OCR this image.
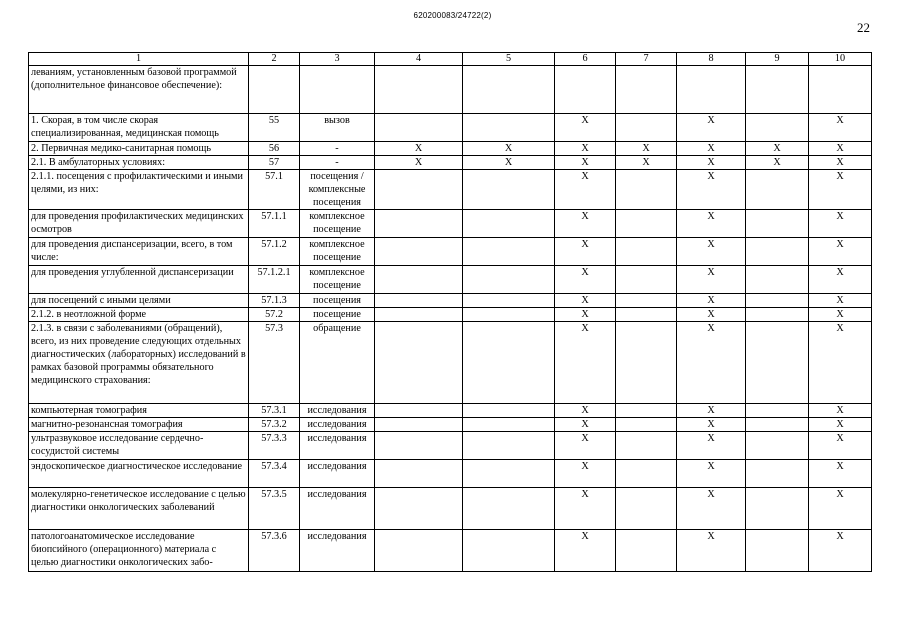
620200083/24722(2)
22
1	2	3	4	5	6	7	8	9	10
леваниям, установленным базовой программой (дополнительное финансовое обеспечение):									
1. Скорая, в том числе скорая специализированная, медицинская помощь	55	вызов			X		X		X
2. Первичная медико-санитарная помощь	56	-	X	X	X	X	X	X	X
2.1. В амбулаторных условиях:	57	-	X	X	X	X	X	X	X
2.1.1. посещения с профилактическими и иными целями, из них:	57.1	посещения / комплексные посещения			X		X		X
для проведения профилактических медицинских осмотров	57.1.1	комплексное посещение			X		X		X
для проведения диспансеризации, всего, в том числе:	57.1.2	комплексное посещение			X		X		X
для проведения углубленной диспансеризации	57.1.2.1	комплексное посещение			X		X		X
для посещений с иными целями	57.1.3	посещения			X		X		X
2.1.2. в неотложной форме	57.2	посещение			X		X		X
2.1.3. в связи с заболеваниями (обращений), всего, из них проведение следующих отдельных диагностических (лабораторных) исследований в рамках базовой программы обязательного медицинского страхования:	57.3	обращение			X		X		X
компьютерная томография	57.3.1	исследования			X		X		X
магнитно-резонансная томография	57.3.2	исследования			X		X		X
ультразвуковое исследование сердечно-сосудистой системы	57.3.3	исследования			X		X		X
эндоскопическое диагностическое исследование	57.3.4	исследования			X		X		X
молекулярно-генетическое исследование с целью диагностики онкологических заболеваний	57.3.5	исследования			X		X		X
патологоанатомическое исследование биопсийного (операционного) материала с целью диагностики онкологических забо-	57.3.6	исследования			X		X		X
